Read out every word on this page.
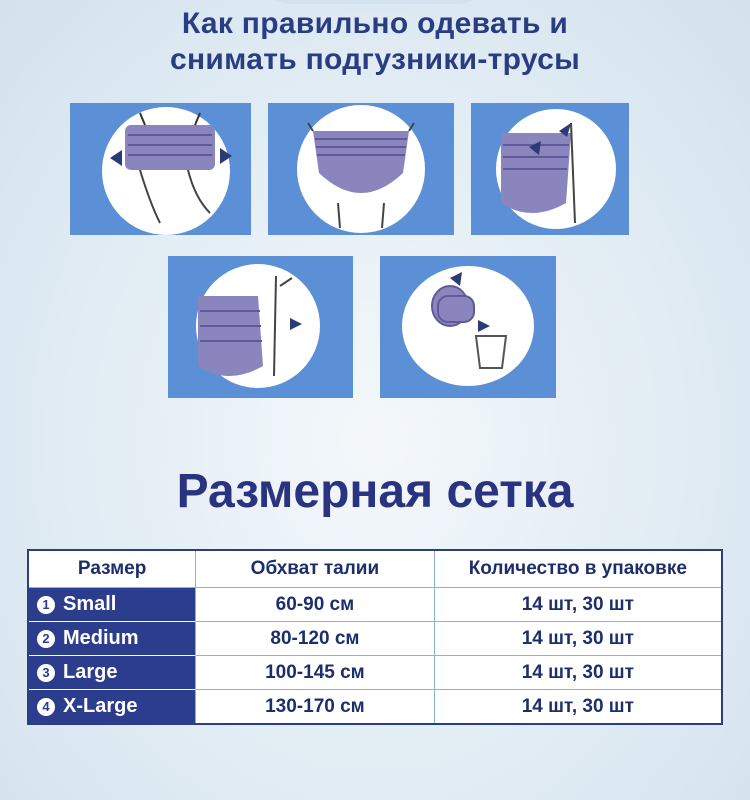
Как правильно одевать и
снимать подгузники-трусы
Размерная сетка
Размер	Обхват талии	Количество в упаковке
1 Small	60-90 см	14 шт, 30 шт
2 Medium	80-120 см	14 шт, 30 шт
3 Large	100-145 см	14 шт, 30 шт
4 X-Large	130-170 см	14 шт, 30 шт
